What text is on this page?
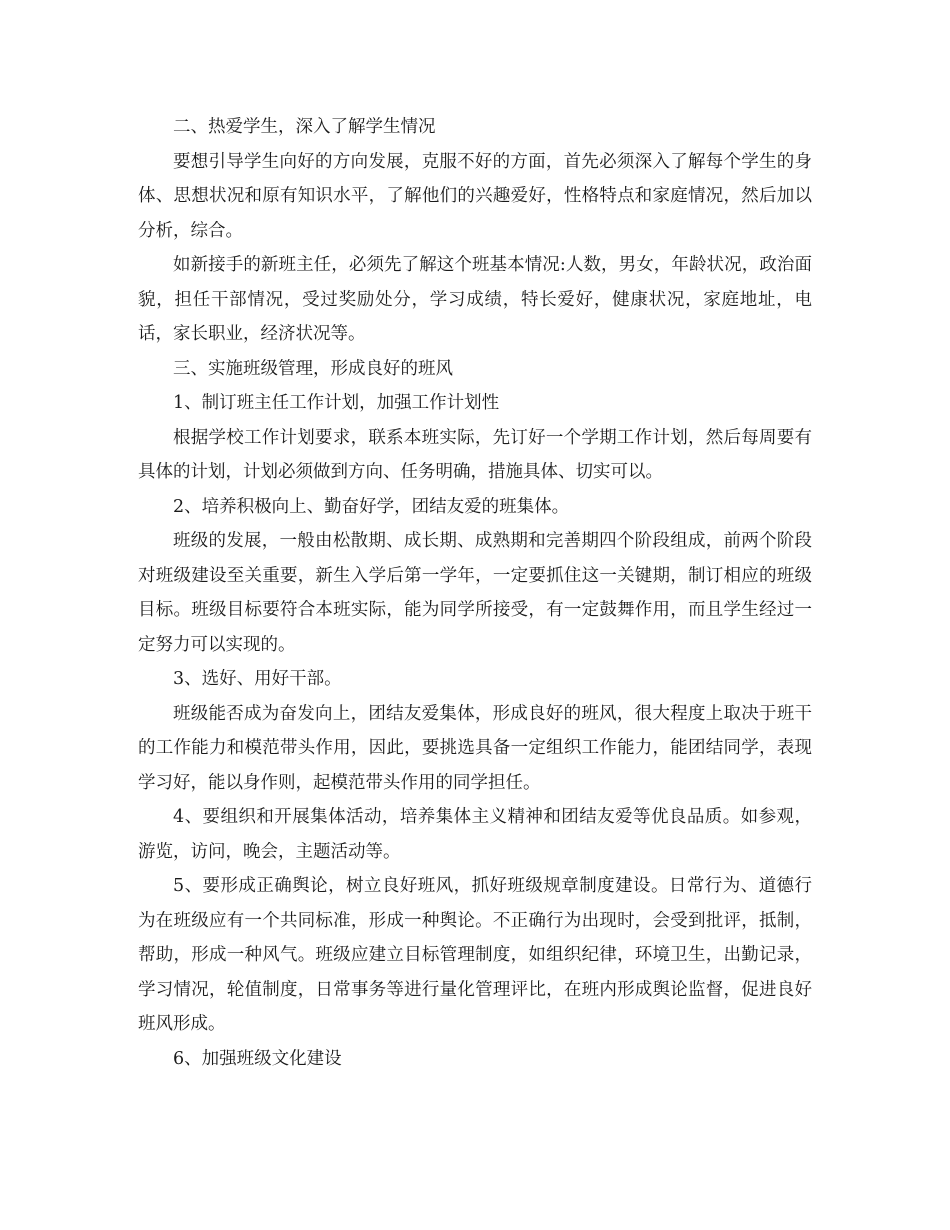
二、热爱学生，深入了解学生情况

要想引导学生向好的方向发展，克服不好的方面，首先必须深入了解每个学生的身体、思想状况和原有知识水平，了解他们的兴趣爱好，性格特点和家庭情况，然后加以分析，综合。

如新接手的新班主任，必须先了解这个班基本情况:人数，男女，年龄状况，政治面貌，担任干部情况，受过奖励处分，学习成绩，特长爱好，健康状况，家庭地址，电话，家长职业，经济状况等。

三、实施班级管理，形成良好的班风

1、制订班主任工作计划，加强工作计划性

根据学校工作计划要求，联系本班实际，先订好一个学期工作计划，然后每周要有具体的计划，计划必须做到方向、任务明确，措施具体、切实可以。

2、培养积极向上、勤奋好学，团结友爱的班集体。

班级的发展，一般由松散期、成长期、成熟期和完善期四个阶段组成，前两个阶段对班级建设至关重要，新生入学后第一学年，一定要抓住这一关键期，制订相应的班级目标。班级目标要符合本班实际，能为同学所接受，有一定鼓舞作用，而且学生经过一定努力可以实现的。

3、选好、用好干部。

班级能否成为奋发向上，团结友爱集体，形成良好的班风，很大程度上取决于班干的工作能力和模范带头作用，因此，要挑选具备一定组织工作能力，能团结同学，表现学习好，能以身作则，起模范带头作用的同学担任。

4、要组织和开展集体活动，培养集体主义精神和团结友爱等优良品质。如参观，游览，访问，晚会，主题活动等。

5、要形成正确舆论，树立良好班风，抓好班级规章制度建设。日常行为、道德行为在班级应有一个共同标准，形成一种舆论。不正确行为出现时，会受到批评，抵制，帮助，形成一种风气。班级应建立目标管理制度，如组织纪律，环境卫生，出勤记录，学习情况，轮值制度，日常事务等进行量化管理评比，在班内形成舆论监督，促进良好班风形成。

6、加强班级文化建设
